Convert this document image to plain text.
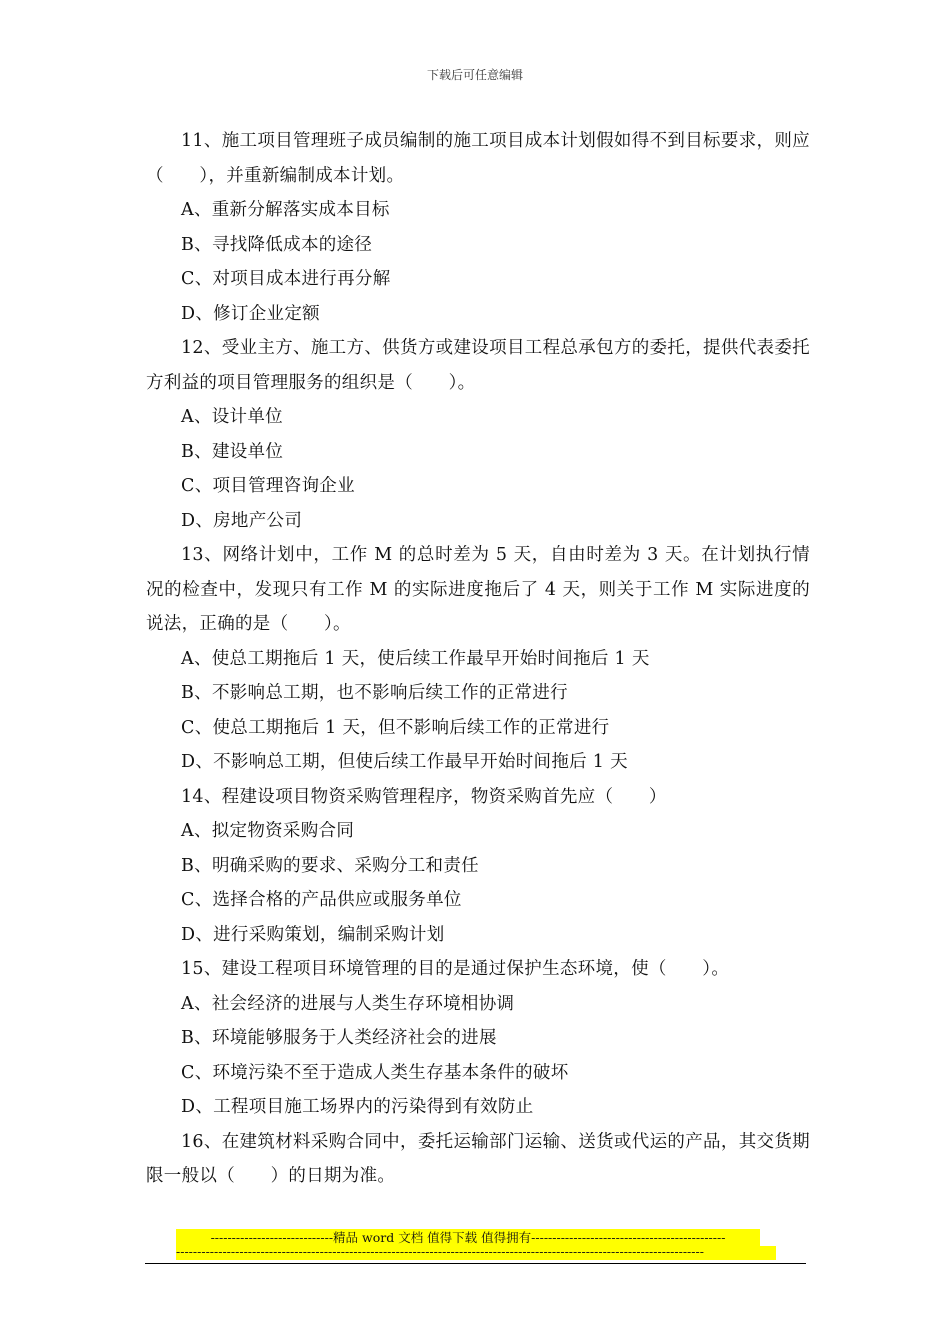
下载后可任意编辑

11、施工项目管理班子成员编制的施工项目成本计划假如得不到目标要求，则应（　　），并重新编制成本计划。

A、重新分解落实成本目标

B、寻找降低成本的途径

C、对项目成本进行再分解

D、修订企业定额

12、受业主方、施工方、供货方或建设项目工程总承包方的委托，提供代表委托方利益的项目管理服务的组织是（　　）。

A、设计单位

B、建设单位

C、项目管理咨询企业

D、房地产公司

13、网络计划中，工作 M 的总时差为 5 天，自由时差为 3 天。在计划执行情况的检查中，发现只有工作 M 的实际进度拖后了 4 天，则关于工作 M 实际进度的说法，正确的是（　　）。

A、使总工期拖后 1 天，使后续工作最早开始时间拖后 1 天

B、不影响总工期，也不影响后续工作的正常进行

C、使总工期拖后 1 天，但不影响后续工作的正常进行

D、不影响总工期，但使后续工作最早开始时间拖后 1 天

14、程建设项目物资采购管理程序，物资采购首先应（　　）

A、拟定物资采购合同

B、明确采购的要求、采购分工和责任

C、选择合格的产品供应或服务单位

D、进行采购策划，编制采购计划

15、建设工程项目环境管理的目的是通过保护生态环境，使（　　）。

A、社会经济的进展与人类生存环境相协调

B、环境能够服务于人类经济社会的进展

C、环境污染不至于造成人类生存基本条件的破坏

D、工程项目施工场界内的污染得到有效防止

16、在建筑材料采购合同中，委托运输部门运输、送货或代运的产品，其交货期限一般以（　　）的日期为准。

-----------------------------精品 word 文档 值得下载 值得拥有----------------------------------------------
-----------------------------------------------------------------------------------------------------------------------------
